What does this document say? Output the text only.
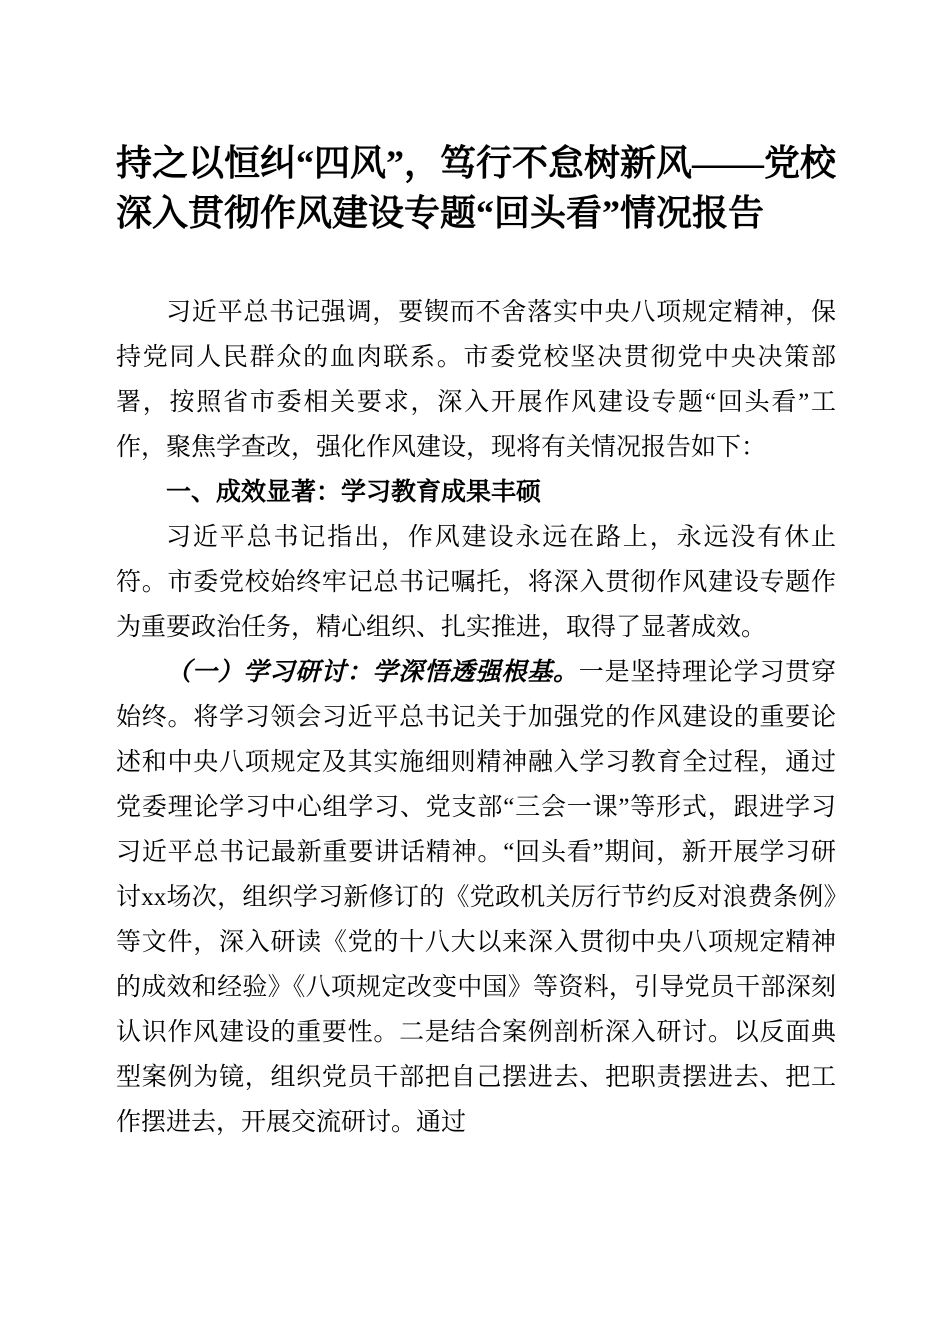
持之以恒纠“四风”，笃行不怠树新风——党校深入贯彻作风建设专题“回头看”情况报告

习近平总书记强调，要锲而不舍落实中央八项规定精神，保持党同人民群众的血肉联系。市委党校坚决贯彻党中央决策部署，按照省市委相关要求，深入开展作风建设专题“回头看”工作，聚焦学查改，强化作风建设，现将有关情况报告如下：

一、成效显著：学习教育成果丰硕

习近平总书记指出，作风建设永远在路上，永远没有休止符。市委党校始终牢记总书记嘱托，将深入贯彻作风建设专题作为重要政治任务，精心组织、扎实推进，取得了显著成效。

（一）学习研讨：学深悟透强根基。一是坚持理论学习贯穿始终。将学习领会习近平总书记关于加强党的作风建设的重要论述和中央八项规定及其实施细则精神融入学习教育全过程，通过党委理论学习中心组学习、党支部“三会一课”等形式，跟进学习习近平总书记最新重要讲话精神。“回头看”期间，新开展学习研讨xx场次，组织学习新修订的《党政机关厉行节约反对浪费条例》等文件，深入研读《党的十八大以来深入贯彻中央八项规定精神的成效和经验》《八项规定改变中国》等资料，引导党员干部深刻认识作风建设的重要性。二是结合案例剖析深入研讨。以反面典型案例为镜，组织党员干部把自己摆进去、把职责摆进去、把工作摆进去，开展交流研讨。通过
